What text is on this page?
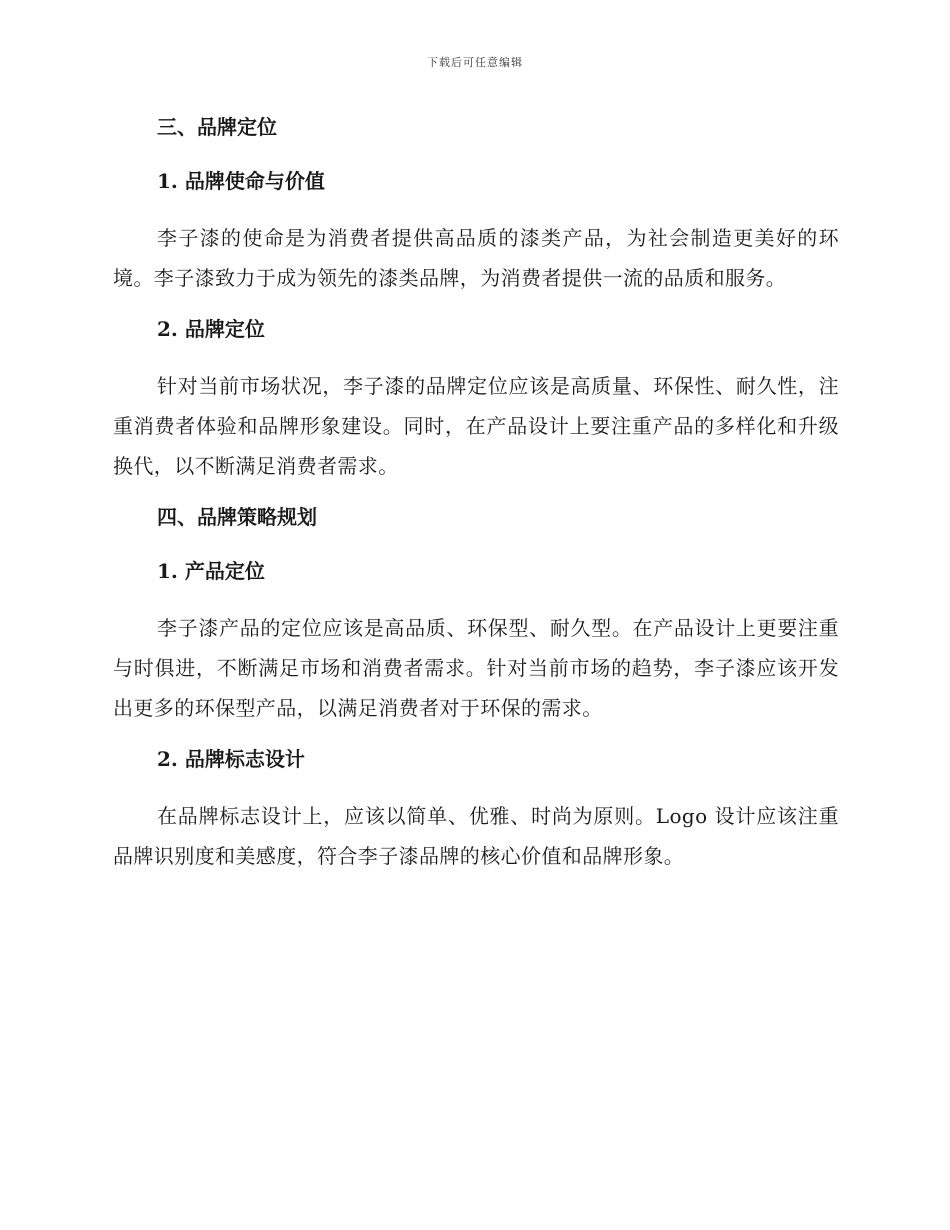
下载后可任意编辑
三、品牌定位
1. 品牌使命与价值

李子漆的使命是为消费者提供高品质的漆类产品，为社会制造更美好的环境。李子漆致力于成为领先的漆类品牌，为消费者提供一流的品质和服务。

2. 品牌定位

针对当前市场状况，李子漆的品牌定位应该是高质量、环保性、耐久性，注重消费者体验和品牌形象建设。同时，在产品设计上要注重产品的多样化和升级换代，以不断满足消费者需求。

四、品牌策略规划
1. 产品定位

李子漆产品的定位应该是高品质、环保型、耐久型。在产品设计上更要注重与时俱进，不断满足市场和消费者需求。针对当前市场的趋势，李子漆应该开发出更多的环保型产品，以满足消费者对于环保的需求。

2. 品牌标志设计

在品牌标志设计上，应该以简单、优雅、时尚为原则。Logo 设计应该注重品牌识别度和美感度，符合李子漆品牌的核心价值和品牌形象。
